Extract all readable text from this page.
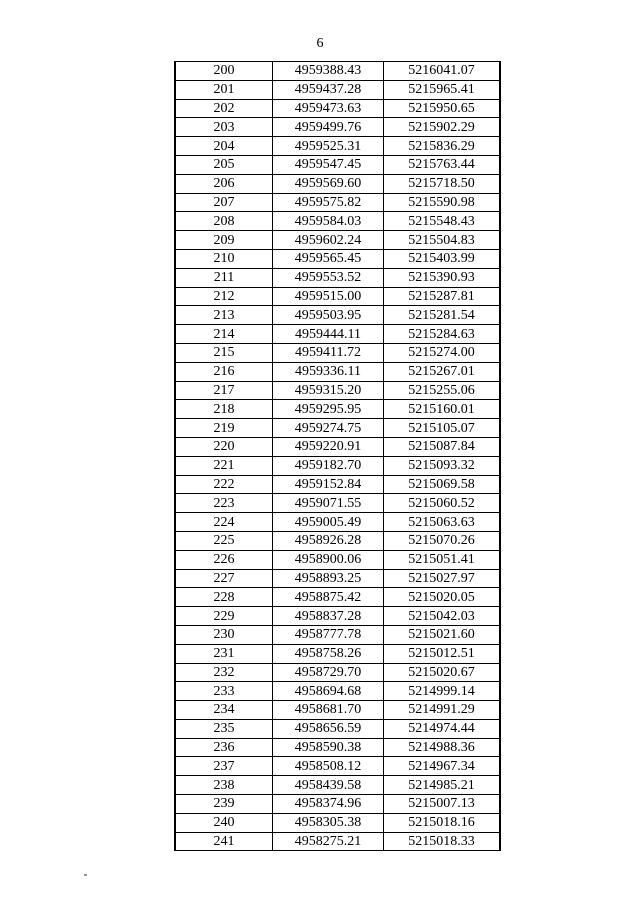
6
200	4959388.43	5216041.07
201	4959437.28	5215965.41
202	4959473.63	5215950.65
203	4959499.76	5215902.29
204	4959525.31	5215836.29
205	4959547.45	5215763.44
206	4959569.60	5215718.50
207	4959575.82	5215590.98
208	4959584.03	5215548.43
209	4959602.24	5215504.83
210	4959565.45	5215403.99
211	4959553.52	5215390.93
212	4959515.00	5215287.81
213	4959503.95	5215281.54
214	4959444.11	5215284.63
215	4959411.72	5215274.00
216	4959336.11	5215267.01
217	4959315.20	5215255.06
218	4959295.95	5215160.01
219	4959274.75	5215105.07
220	4959220.91	5215087.84
221	4959182.70	5215093.32
222	4959152.84	5215069.58
223	4959071.55	5215060.52
224	4959005.49	5215063.63
225	4958926.28	5215070.26
226	4958900.06	5215051.41
227	4958893.25	5215027.97
228	4958875.42	5215020.05
229	4958837.28	5215042.03
230	4958777.78	5215021.60
231	4958758.26	5215012.51
232	4958729.70	5215020.67
233	4958694.68	5214999.14
234	4958681.70	5214991.29
235	4958656.59	5214974.44
236	4958590.38	5214988.36
237	4958508.12	5214967.34
238	4958439.58	5214985.21
239	4958374.96	5215007.13
240	4958305.38	5215018.16
241	4958275.21	5215018.33
